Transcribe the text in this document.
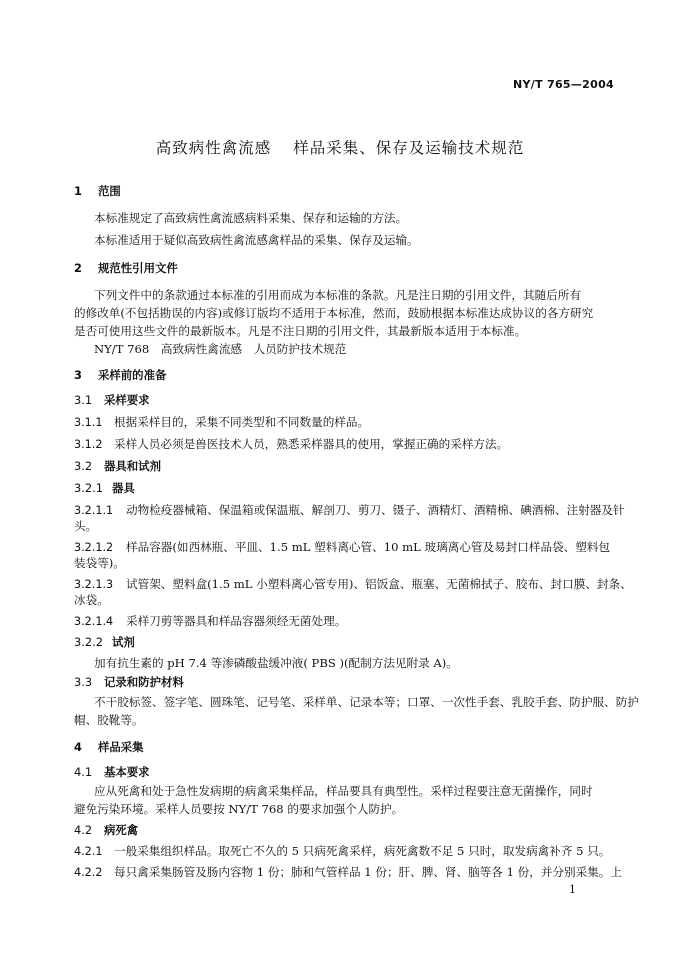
NY/T 765—2004
高致病性禽流感 样品采集、保存及运输技术规范
1 范围
本标准规定了高致病性禽流感病料采集、保存和运输的方法。
本标准适用于疑似高致病性禽流感禽样品的采集、保存及运输。
2 规范性引用文件
下列文件中的条款通过本标准的引用而成为本标准的条款。凡是注日期的引用文件，其随后所有
的修改单(不包括勘误的内容)或修订版均不适用于本标准，然而，鼓励根据本标准达成协议的各方研究
是否可使用这些文件的最新版本。凡是不注日期的引用文件，其最新版本适用于本标准。
NY/T 768　高致病性禽流感　人员防护技术规范
3 采样前的准备
3.1 采样要求
3.1.1 根据采样目的，采集不同类型和不同数量的样品。
3.1.2 采样人员必须是兽医技术人员，熟悉采样器具的使用，掌握正确的采样方法。
3.2 器具和试剂
3.2.1 器具
3.2.1.1 动物检疫器械箱、保温箱或保温瓶、解剖刀、剪刀、镊子、酒精灯、酒精棉、碘酒棉、注射器及针
头。
3.2.1.2 样品容器(如西林瓶、平皿、1.5 mL 塑料离心管、10 mL 玻璃离心管及易封口样品袋、塑料包
装袋等)。
3.2.1.3 试管架、塑料盒(1.5 mL 小塑料离心管专用)、铝饭盒、瓶塞、无菌棉拭子、胶布、封口膜、封条、
冰袋。
3.2.1.4 采样刀剪等器具和样品容器须经无菌处理。
3.2.2 试剂
加有抗生素的 pH 7.4 等渗磷酸盐缓冲液( PBS )(配制方法见附录 A)。
3.3 记录和防护材料
不干胶标签、签字笔、圆珠笔、记号笔、采样单、记录本等；口罩、一次性手套、乳胶手套、防护服、防护
帽、胶靴等。
4 样品采集
4.1 基本要求
应从死禽和处于急性发病期的病禽采集样品，样品要具有典型性。采样过程要注意无菌操作，同时
避免污染环境。采样人员要按 NY/T 768 的要求加强个人防护。
4.2 病死禽
4.2.1 一般采集组织样品。取死亡不久的 5 只病死禽采样，病死禽数不足 5 只时，取发病禽补齐 5 只。
4.2.2 每只禽采集肠管及肠内容物 1 份；肺和气管样品 1 份；肝、脾、肾、脑等各 1 份，并分别采集。上
1
